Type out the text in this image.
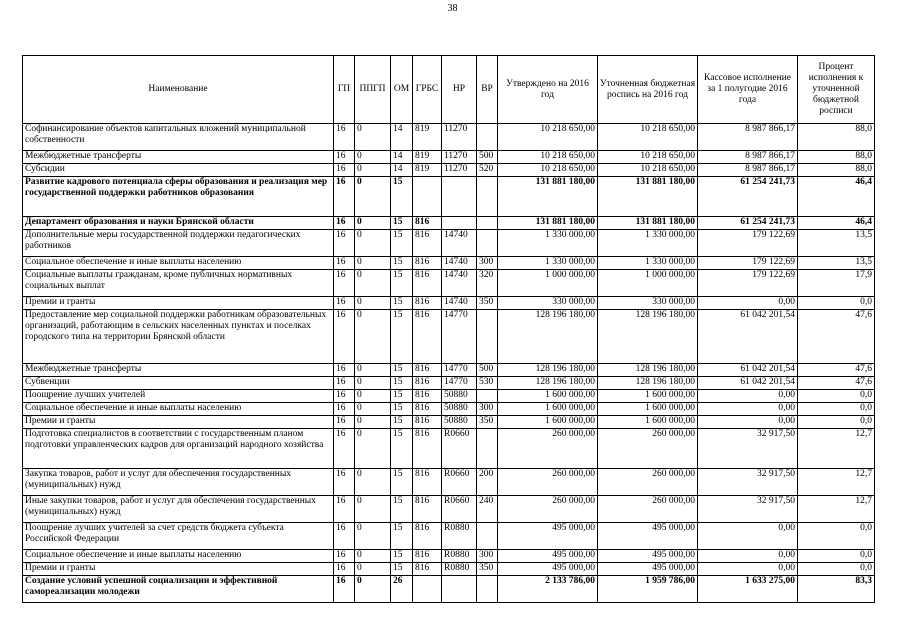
38
Наименование	ГП	ППГП	ОМ	ГРБС	НР	ВР	Утверждено на 2016 год	Уточненная бюджетная роспись на 2016 год	Кассовое исполнение за 1 полугодие 2016 года	Процент исполнения к уточненной бюджетной росписи
Софинансирование объектов капитальных вложений муниципальной собственности	16	0	14	819	11270		10 218 650,00	10 218 650,00	8 987 866,17	88,0
Межбюджетные трансферты	16	0	14	819	11270	500	10 218 650,00	10 218 650,00	8 987 866,17	88,0
Субсидии	16	0	14	819	11270	520	10 218 650,00	10 218 650,00	8 987 866,17	88,0
Развитие кадрового потенциала сферы образования и реализация мер государственной поддержки работников образования	16	0	15				131 881 180,00	131 881 180,00	61 254 241,73	46,4
Департамент образования и науки Брянской области	16	0	15	816			131 881 180,00	131 881 180,00	61 254 241,73	46,4
Дополнительные меры государственной поддержки педагогических работников	16	0	15	816	14740		1 330 000,00	1 330 000,00	179 122,69	13,5
Социальное обеспечение и иные выплаты населению	16	0	15	816	14740	300	1 330 000,00	1 330 000,00	179 122,69	13,5
Социальные выплаты гражданам, кроме публичных нормативных социальных выплат	16	0	15	816	14740	320	1 000 000,00	1 000 000,00	179 122,69	17,9
Премии и гранты	16	0	15	816	14740	350	330 000,00	330 000,00	0,00	0,0
Предоставление мер социальной поддержки работникам образовательных организаций, работающим в сельских населенных пунктах и поселках городского типа на территории Брянской области	16	0	15	816	14770		128 196 180,00	128 196 180,00	61 042 201,54	47,6
Межбюджетные трансферты	16	0	15	816	14770	500	128 196 180,00	128 196 180,00	61 042 201,54	47,6
Субвенции	16	0	15	816	14770	530	128 196 180,00	128 196 180,00	61 042 201,54	47,6
Поощрение лучших учителей	16	0	15	816	50880		1 600 000,00	1 600 000,00	0,00	0,0
Социальное обеспечение и иные выплаты населению	16	0	15	816	50880	300	1 600 000,00	1 600 000,00	0,00	0,0
Премии и гранты	16	0	15	816	50880	350	1 600 000,00	1 600 000,00	0,00	0,0
Подготовка специалистов в соответствии с государственным планом подготовки управленческих кадров для организаций народного хозяйства	16	0	15	816	R0660		260 000,00	260 000,00	32 917,50	12,7
Закупка товаров, работ и услуг для обеспечения государственных (муниципальных) нужд	16	0	15	816	R0660	200	260 000,00	260 000,00	32 917,50	12,7
Иные закупки товаров, работ и услуг для обеспечения государственных (муниципальных) нужд	16	0	15	816	R0660	240	260 000,00	260 000,00	32 917,50	12,7
Поощрение лучших учителей за счет средств бюджета субъекта Российской Федерации	16	0	15	816	R0880		495 000,00	495 000,00	0,00	0,0
Социальное обеспечение и иные выплаты населению	16	0	15	816	R0880	300	495 000,00	495 000,00	0,00	0,0
Премии и гранты	16	0	15	816	R0880	350	495 000,00	495 000,00	0,00	0,0
Создание условий успешной социализации и эффективной самореализации молодежи	16	0	26				2 133 786,00	1 959 786,00	1 633 275,00	83,3
